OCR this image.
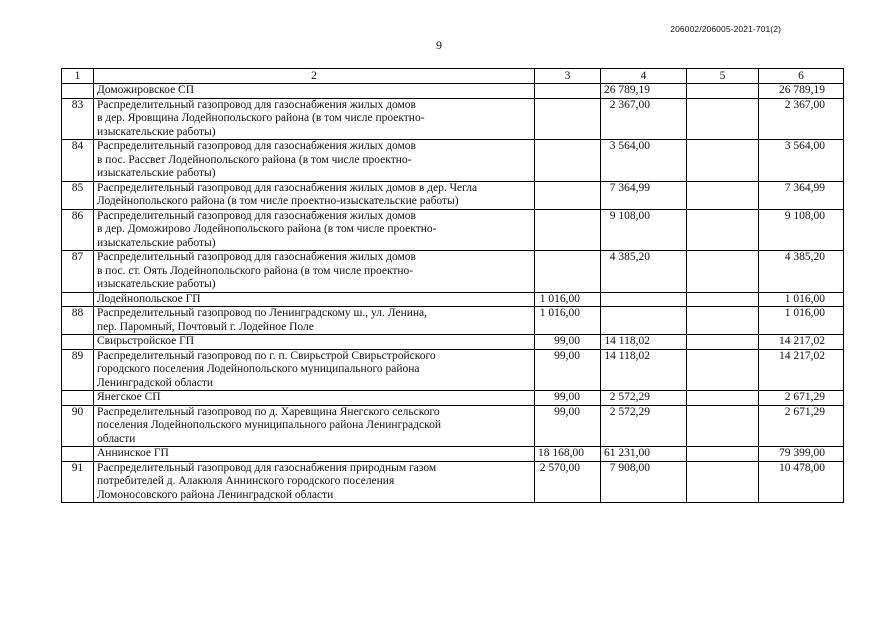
206002/206005-2021-701(2)
9
1	2	3	4	5	6
	Доможировское СП		26 789,19		26 789,19
83	Распределительный газопровод для газоснабжения жилых домов
в дер. Яровщина Лодейнопольского района (в том числе проектно-
изыскательские работы)		2 367,00		2 367,00
84	Распределительный газопровод для газоснабжения жилых домов
в пос. Рассвет Лодейнопольского района (в том числе проектно-
изыскательские работы)		3 564,00		3 564,00
85	Распределительный газопровод для газоснабжения жилых домов в дер. Чегла
Лодейнопольского района (в том числе проектно-изыскательские работы)		7 364,99		7 364,99
86	Распределительный газопровод для газоснабжения жилых домов
в дер. Доможирово Лодейнопольского района (в том числе проектно-
изыскательские работы)		9 108,00		9 108,00
87	Распределительный газопровод для газоснабжения жилых домов
в пос. ст. Оять Лодейнопольского района (в том числе проектно-
изыскательские работы)		4 385,20		4 385,20
	Лодейнопольское ГП	1 016,00			1 016,00
88	Распределительный газопровод по Ленинградскому ш., ул. Ленина,
пер. Паромный, Почтовый г. Лодейное Поле	1 016,00			1 016,00
	Свирьстройское ГП	99,00	14 118,02		14 217,02
89	Распределительный газопровод по г. п. Свирьстрой Свирьстройского
городского поселения Лодейнопольского муниципального района
Ленинградской области	99,00	14 118,02		14 217,02
	Янегское СП	99,00	2 572,29		2 671,29
90	Распределительный газопровод по д. Харевщина Янегского сельского
поселения Лодейнопольского муниципального района Ленинградской
области	99,00	2 572,29		2 671,29
	Аннинское ГП	18 168,00	61 231,00		79 399,00
91	Распределительный газопровод для газоснабжения природным газом
потребителей д. Алакюля Аннинского городского поселения
Ломоносовского района Ленинградской области	2 570,00	7 908,00		10 478,00
